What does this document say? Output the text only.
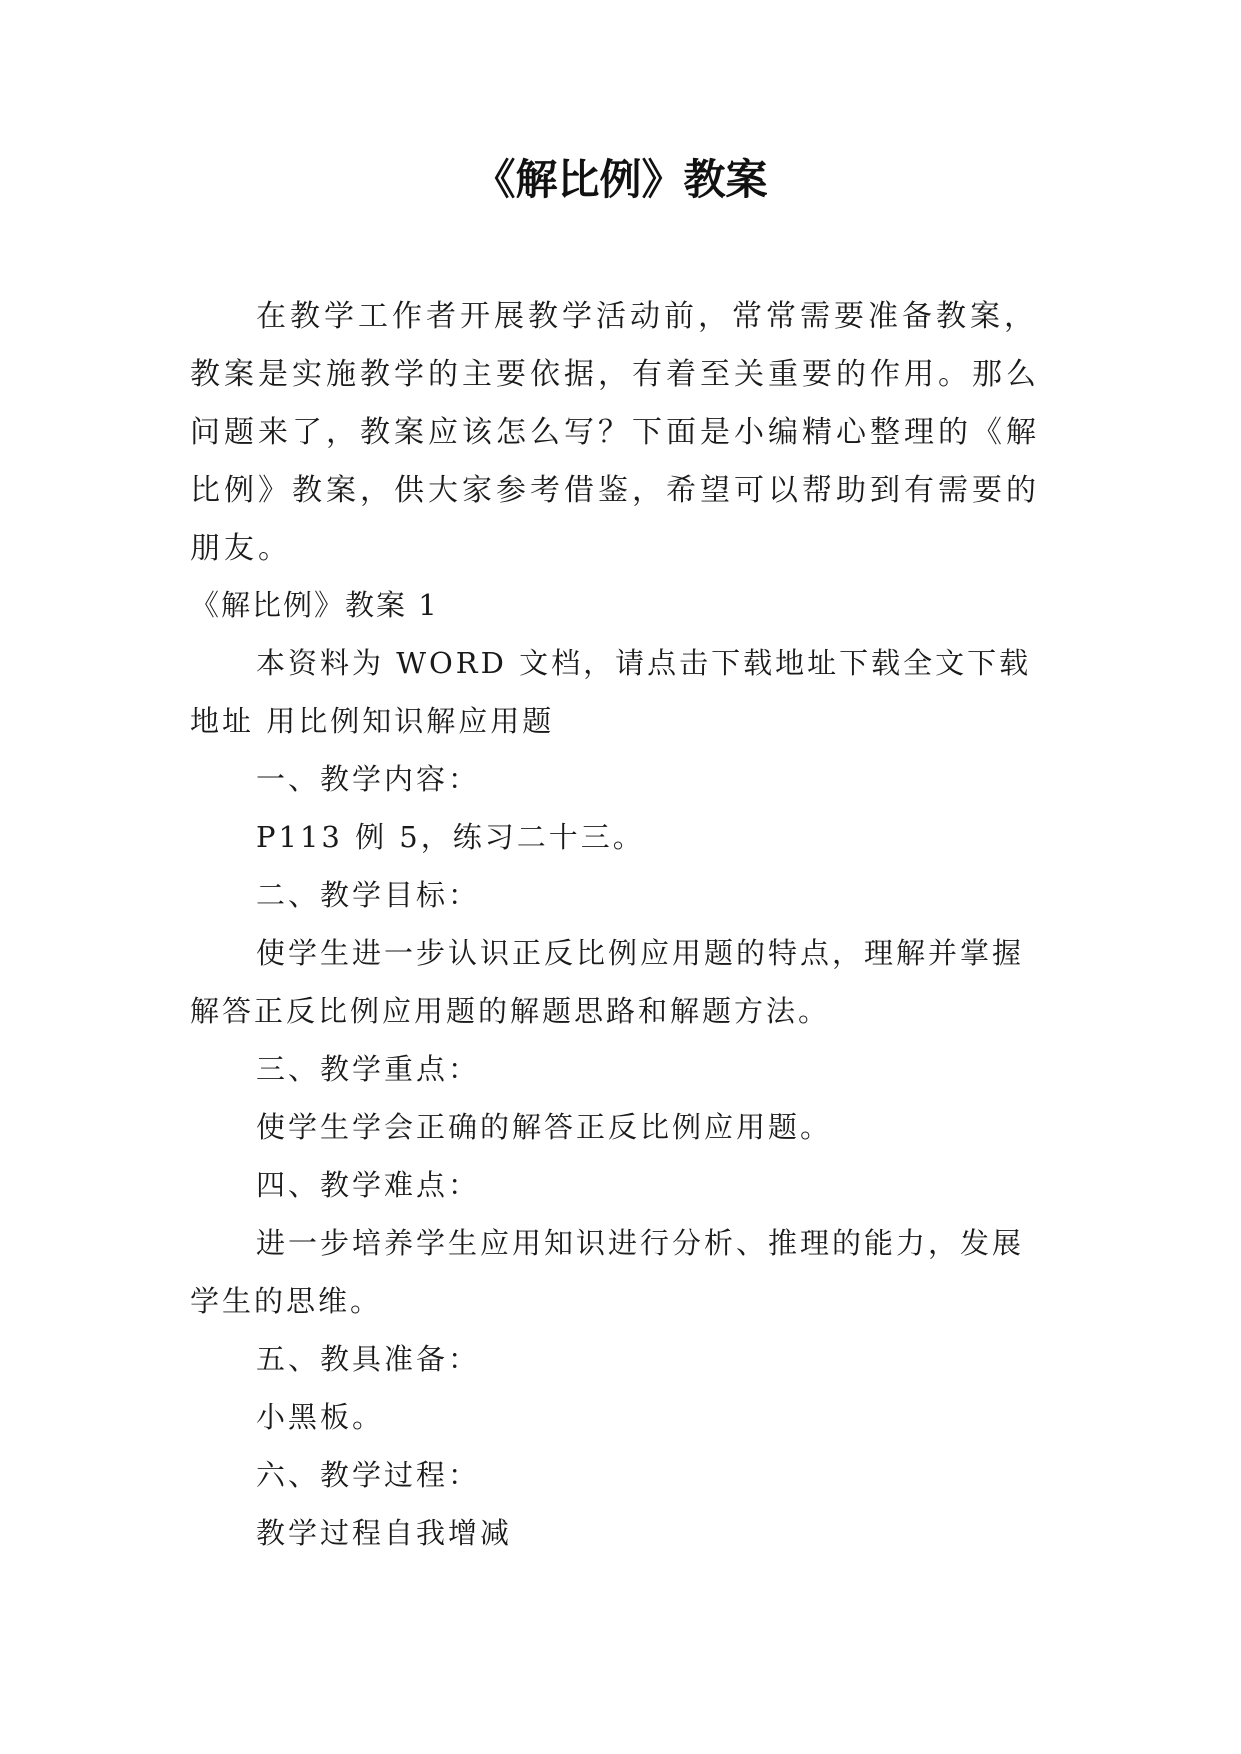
《解比例》教案

在教学工作者开展教学活动前，常常需要准备教案，教案是实施教学的主要依据，有着至关重要的作用。那么问题来了，教案应该怎么写？下面是小编精心整理的《解比例》教案，供大家参考借鉴，希望可以帮助到有需要的朋友。

《解比例》教案 1

本资料为 WORD 文档，请点击下载地址下载全文下载地址 用比例知识解应用题

一、教学内容：

P113 例 5，练习二十三。

二、教学目标：

使学生进一步认识正反比例应用题的特点，理解并掌握解答正反比例应用题的解题思路和解题方法。

三、教学重点：

使学生学会正确的解答正反比例应用题。

四、教学难点：

进一步培养学生应用知识进行分析、推理的能力，发展学生的思维。

五、教具准备：

小黑板。

六、教学过程：

教学过程自我增减
